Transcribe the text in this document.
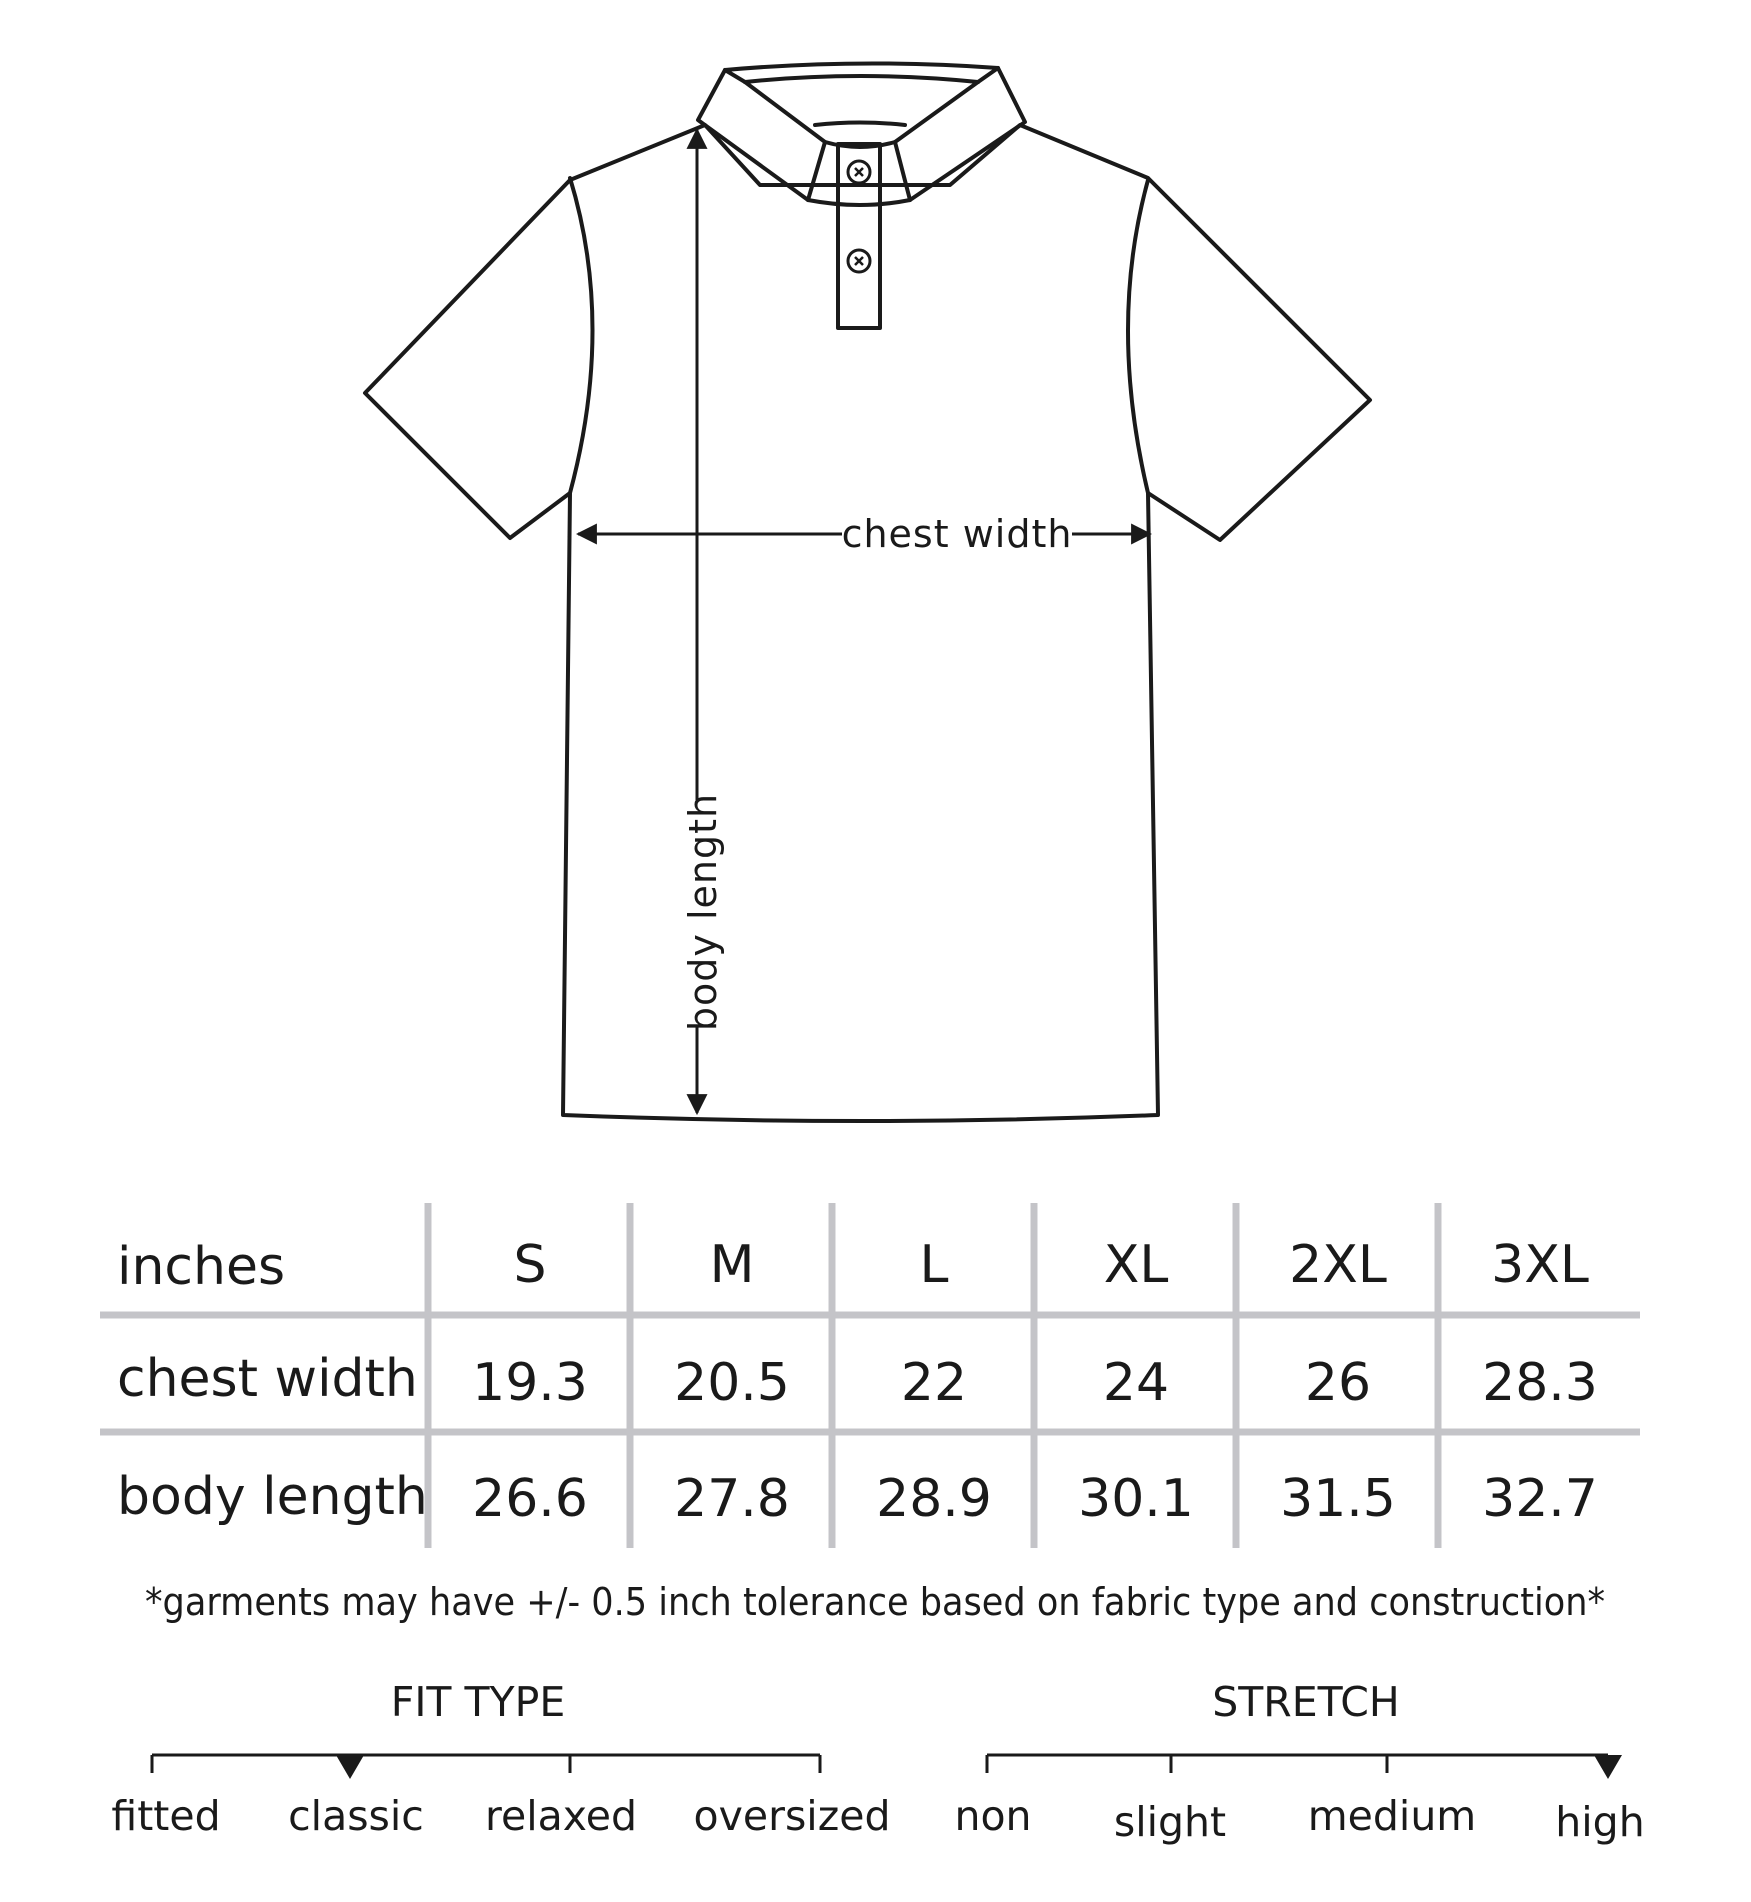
chest width
body length
inches	S	M	L	XL 2XL 3XL
chest width 19.3 20.5 22	24	26 28.3
body length 26.6 27.8 28.9 30.1 31.5 32.7
*garments may have +/- 0.5 inch tolerance based on fabric type and construction*
FIT TYPE
fitted classic relaxed oversized
STRETCH
non slight medium high
